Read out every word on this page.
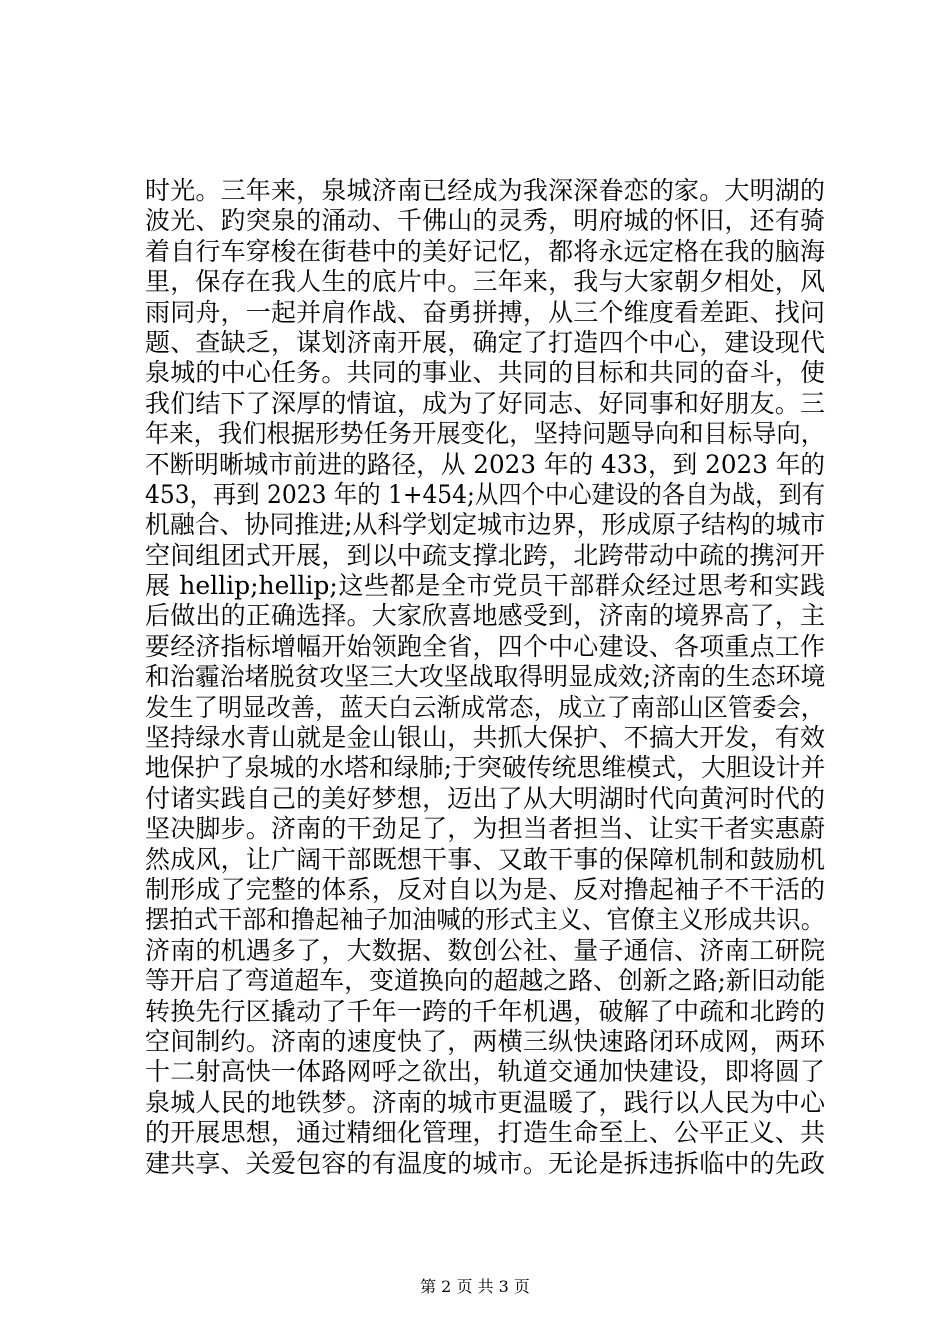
时光。三年来，泉城济南已经成为我深深眷恋的家。大明湖的
波光、趵突泉的涌动、千佛山的灵秀，明府城的怀旧，还有骑
着自行车穿梭在街巷中的美好记忆，都将永远定格在我的脑海
里，保存在我人生的底片中。三年来，我与大家朝夕相处，风
雨同舟，一起并肩作战、奋勇拼搏，从三个维度看差距、找问
题、查缺乏，谋划济南开展，确定了打造四个中心，建设现代
泉城的中心任务。共同的事业、共同的目标和共同的奋斗，使
我们结下了深厚的情谊，成为了好同志、好同事和好朋友。三
年来，我们根据形势任务开展变化，坚持问题导向和目标导向，
不断明晰城市前进的路径，从 2023 年的 433，到 2023 年的
453，再到 2023 年的 1+454;从四个中心建设的各自为战，到有
机融合、协同推进;从科学划定城市边界，形成原子结构的城市
空间组团式开展，到以中疏支撑北跨，北跨带动中疏的携河开
展 hellip;hellip;这些都是全市党员干部群众经过思考和实践
后做出的正确选择。大家欣喜地感受到，济南的境界高了，主
要经济指标增幅开始领跑全省，四个中心建设、各项重点工作
和治霾治堵脱贫攻坚三大攻坚战取得明显成效;济南的生态环境
发生了明显改善，蓝天白云渐成常态，成立了南部山区管委会，
坚持绿水青山就是金山银山，共抓大保护、不搞大开发，有效
地保护了泉城的水塔和绿肺;于突破传统思维模式，大胆设计并
付诸实践自己的美好梦想，迈出了从大明湖时代向黄河时代的
坚决脚步。济南的干劲足了，为担当者担当、让实干者实惠蔚
然成风，让广阔干部既想干事、又敢干事的保障机制和鼓励机
制形成了完整的体系，反对自以为是、反对撸起袖子不干活的
摆拍式干部和撸起袖子加油喊的形式主义、官僚主义形成共识。
济南的机遇多了，大数据、数创公社、量子通信、济南工研院
等开启了弯道超车，变道换向的超越之路、创新之路;新旧动能
转换先行区撬动了千年一跨的千年机遇，破解了中疏和北跨的
空间制约。济南的速度快了，两横三纵快速路闭环成网，两环
十二射高快一体路网呼之欲出，轨道交通加快建设，即将圆了
泉城人民的地铁梦。济南的城市更温暖了，践行以人民为中心
的开展思想，通过精细化管理，打造生命至上、公平正义、共
建共享、关爱包容的有温度的城市。无论是拆违拆临中的先政
第 2 页 共 3 页
